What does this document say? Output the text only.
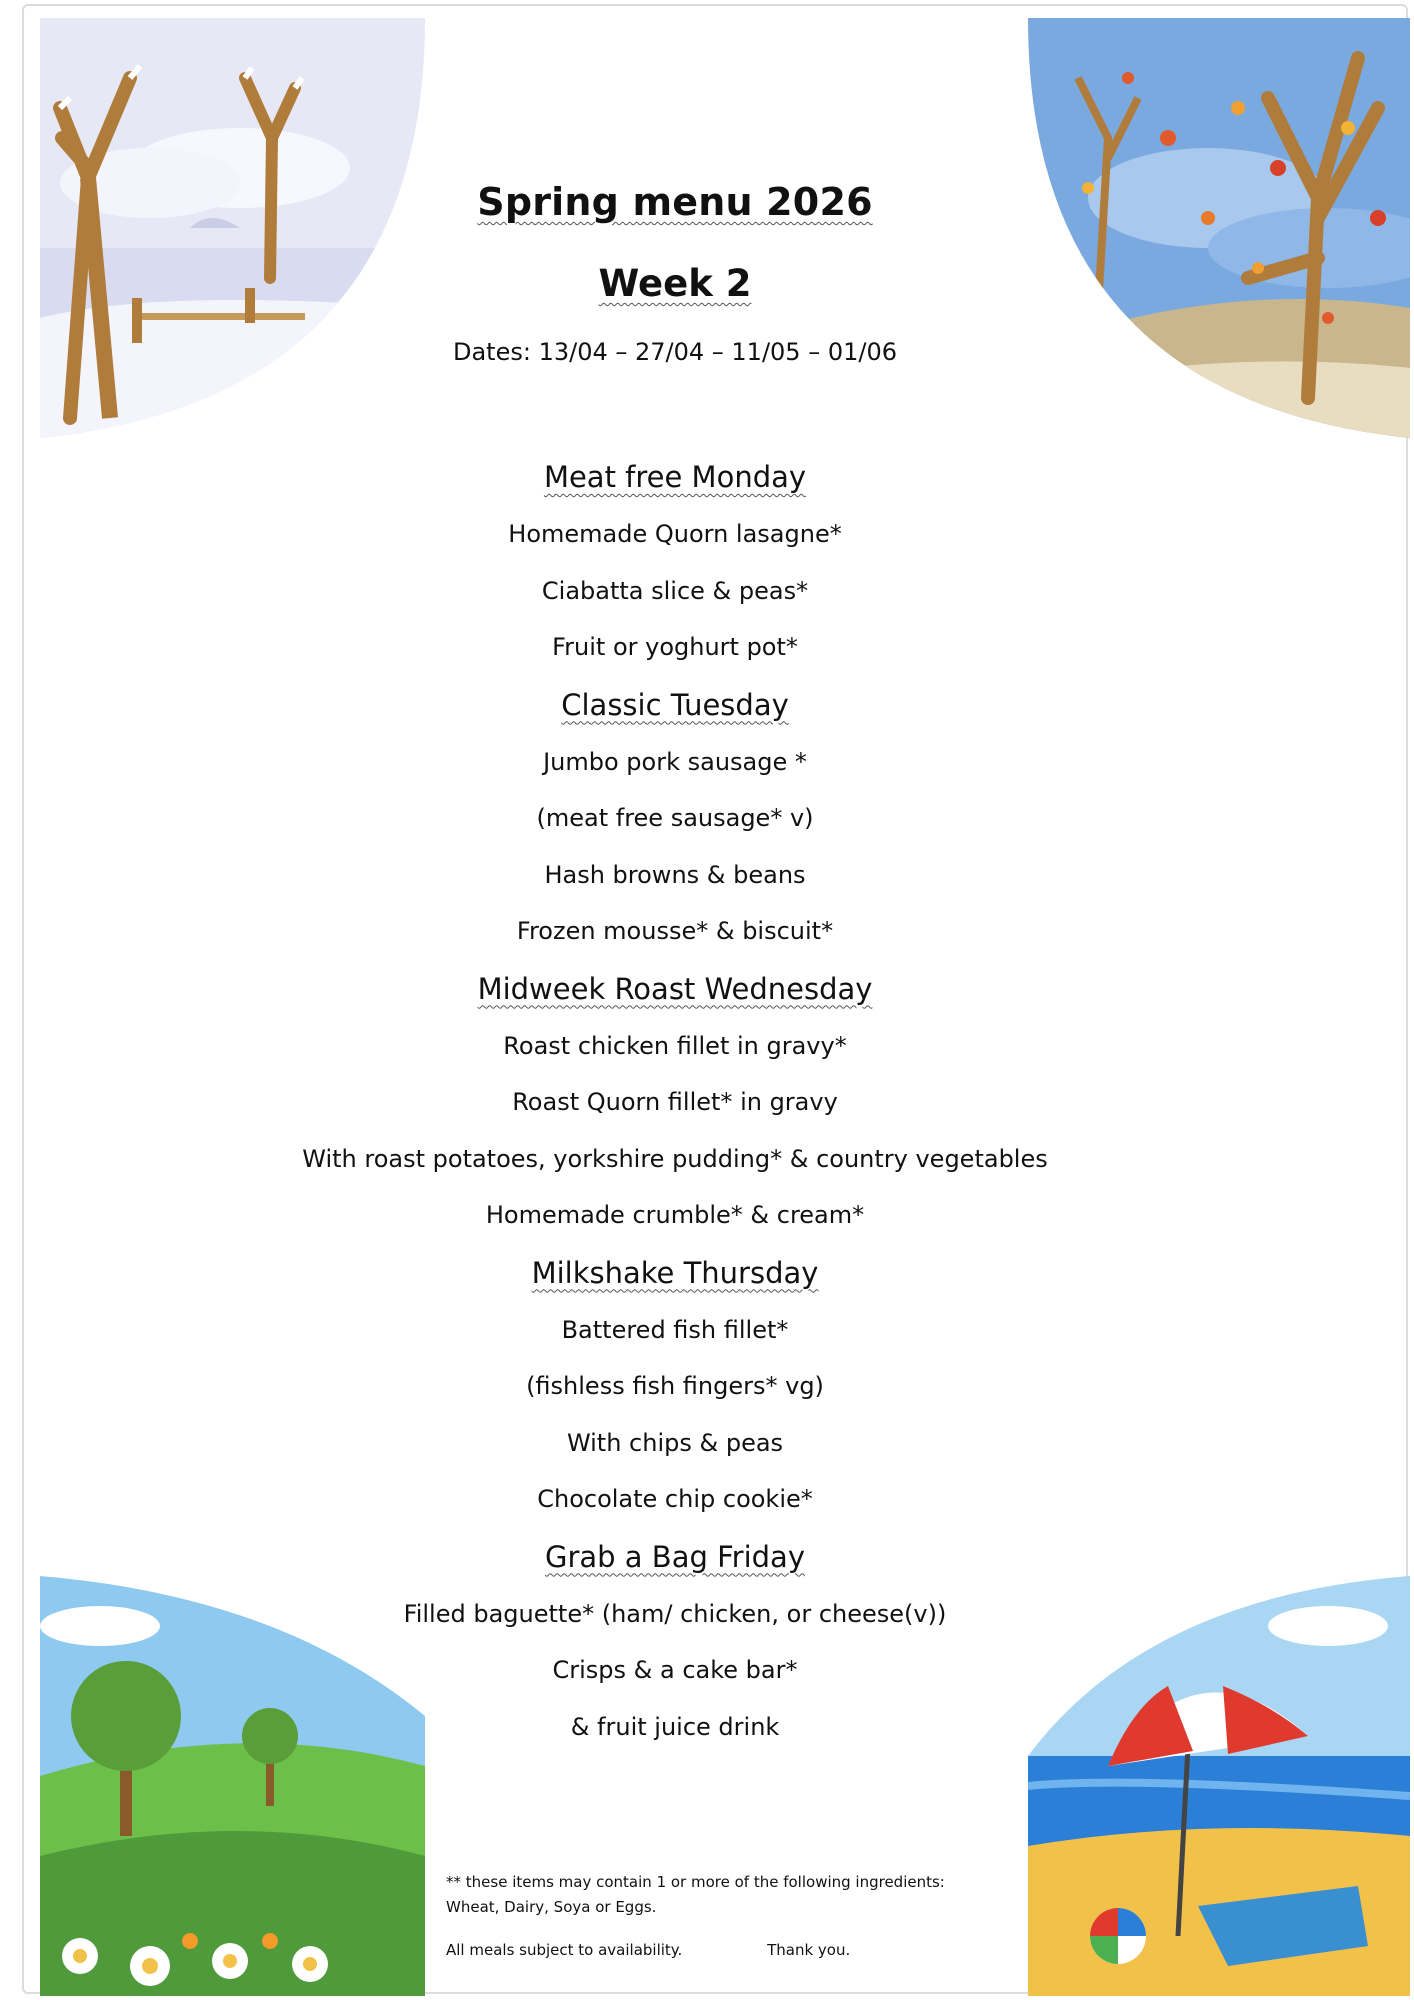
Spring menu 2026
Week 2
Dates: 13/04 – 27/04 – 11/05 – 01/06
Meat free Monday
Homemade Quorn lasagne*
Ciabatta slice & peas*
Fruit or yoghurt pot*
Classic Tuesday
Jumbo pork sausage *
(meat free sausage* v)
Hash browns & beans
Frozen mousse* & biscuit*
Midweek Roast Wednesday
Roast chicken fillet in gravy*
Roast Quorn fillet* in gravy
With roast potatoes, yorkshire pudding* & country vegetables
Homemade crumble* & cream*
Milkshake Thursday
Battered fish fillet*
(fishless fish fingers* vg)
With chips & peas
Chocolate chip cookie*
Grab a Bag Friday
Filled baguette* (ham/ chicken, or cheese(v))
Crisps & a cake bar*
& fruit juice drink
** these items may contain 1 or more of the following ingredients:
Wheat, Dairy, Soya or Eggs.
All meals subject to availability.	Thank you.
